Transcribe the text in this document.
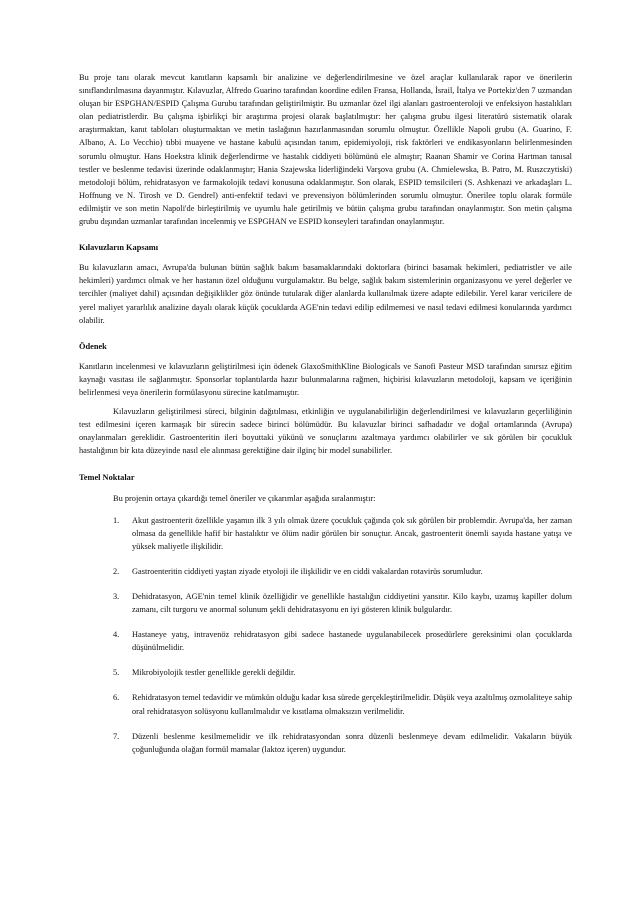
Bu proje tanı olarak mevcut kanıtların kapsamlı bir analizine ve değerlendirilmesine ve özel araçlar kullanılarak rapor ve önerilerin sınıflandırılmasına dayanmıştır. Kılavuzlar, Alfredo Guarino tarafından koordine edilen Fransa, Hollanda, İsrail, İtalya ve Portekiz'den 7 uzmandan oluşan bir ESPGHAN/ESPID Çalışma Gurubu tarafından geliştirilmiştir. Bu uzmanlar özel ilgi alanları gastroenteroloji ve enfeksiyon hastalıkları olan pediatristlerdir. Bu çalışma işbirlikçi bir araştırma projesi olarak başlatılmıştır: her çalışma grubu ilgesi literatürü sistematik olarak araştırmaktan, kanıt tabloları oluşturmaktan ve metin taslağının hazırlanmasından sorumlu olmuştur. Özellikle Napoli grubu (A. Guarino, F. Albano, A. Lo Vecchio) tıbbi muayene ve hastane kabulü açısından tanım, epidemiyoloji, risk faktörleri ve endikasyonların belirlenmesinden sorumlu olmuştur. Hans Hoekstra klinik değerlendirme ve hastalık ciddiyeti bölümünü ele almıştır; Raanan Shamir ve Corina Hartman tanısal testler ve beslenme tedavisi üzerinde odaklanmıştır; Hania Szajewska liderliğindeki Varşova grubu (A. Chmielewska, B. Patro, M. Ruszczytiski) metodoloji bölüm, rehidratasyon ve farmakolojik tedavi konusuna odaklanmıştır. Son olarak, ESPID temsilcileri (S. Ashkenazi ve arkadaşları L. Hoffnung ve N. Tirosh ve D. Gendrel) anti-enfektif tedavi ve prevensiyon bölümlerinden sorumlu olmuştur. Önerilee toplu olarak formüle edilmiştir ve son metin Napoli'de birleştirilmiş ve uyumlu hale getirilmiş ve bütün çalışma grubu tarafından onaylanmıştır. Son metin çalışma grubu dışından uzmanlar tarafından incelenmiş ve ESPGHAN ve ESPID konseyleri tarafından onaylanmıştır.

Kılavuzların Kapsamı

Bu kılavuzların amacı, Avrupa'da bulunan bütün sağlık bakım basamaklarındaki doktorlara (birinci basamak hekimleri, pediatristler ve aile hekimleri) yardımcı olmak ve her hastanın özel olduğunu vurgulamaktır. Bu belge, sağlık bakım sistemlerinin organizasyonu ve yerel değerler ve tercihler (maliyet dahil) açısından değişiklikler göz önünde tutularak diğer alanlarda kullanılmak üzere adapte edilebilir. Yerel karar vericilere de yerel maliyet yararlılık analizine dayalı olarak küçük çocuklarda AGE'nin tedavi edilip edilmemesi ve nasıl tedavi edilmesi konularında yardımcı olabilir.

Ödenek

Kanıtların incelenmesi ve kılavuzların geliştirilmesi için ödenek GlaxoSmithKline Biologicals ve Sanofi Pasteur MSD tarafından sınırsız eğitim kaynağı vasıtası ile sağlanmıştır. Sponsorlar toplantılarda hazır bulunmalarına rağmen, hiçbirisi kılavuzların metodoloji, kapsam ve içeriğinin belirlenmesi veya önerilerin formülasyonu sürecine katılmamıştır.

Kılavuzların geliştirilmesi süreci, bilginin dağıtılması, etkinliğin ve uygulanabilirliğin değerlendirilmesi ve kılavuzların geçerliliğinin test edilmesini içeren karmaşık bir sürecin sadece birinci bölümüdür. Bu kılavuzlar birinci safhadadır ve doğal ortamlarında (Avrupa) onaylanmaları gereklidir. Gastroenteritin ileri boyuttaki yükünü ve sonuçlarını azaltmaya yardımcı olabilirler ve sık görülen bir çocukluk hastalığının bir kıta düzeyinde nasıl ele alınması gerektiğine dair ilginç bir model sunabilirler.

Temel Noktalar
Bu projenin ortaya çıkardığı temel öneriler ve çıkarımlar aşağıda sıralanmıştır:
1. Akut gastroenterit özellikle yaşamın ilk 3 yılı olmak üzere çocukluk çağında çok sık görülen bir problemdir. Avrupa'da, her zaman olmasa da genellikle hafif bir hastalıktır ve ölüm nadir görülen bir sonuçtur. Ancak, gastroenterit önemli sayıda hastane yatışı ve yüksek maliyetle ilişkilidir.
2. Gastroenteritin ciddiyeti yaştan ziyade etyoloji ile ilişkilidir ve en ciddi vakalardan rotavirüs sorumludur.
3. Dehidratasyon, AGE'nin temel klinik özelliğidir ve genellikle hastalığın ciddiyetini yansıtır. Kilo kaybı, uzamış kapiller dolum zamanı, cilt turgoru ve anormal solunum şekli dehidratasyonu en iyi gösteren klinik bulgulardır.
4. Hastaneye yatış, intravenöz rehidratasyon gibi sadece hastanede uygulanabilecek prosedürlere gereksinimi olan çocuklarda düşünülmelidir.
5. Mikrobiyolojik testler genellikle gerekli değildir.
6. Rehidratasyon temel tedavidir ve mümkün olduğu kadar kısa sürede gerçekleştirilmelidir. Düşük veya azaltılmış ozmolaliteye sahip oral rehidratasyon solüsyonu kullanılmalıdır ve kısıtlama olmaksızın verilmelidir.
7. Düzenli beslenme kesilmemelidir ve ilk rehidratasyondan sonra düzenli beslenmeye devam edilmelidir. Vakaların büyük çoğunluğunda olağan formül mamalar (laktoz içeren) uygundur.
